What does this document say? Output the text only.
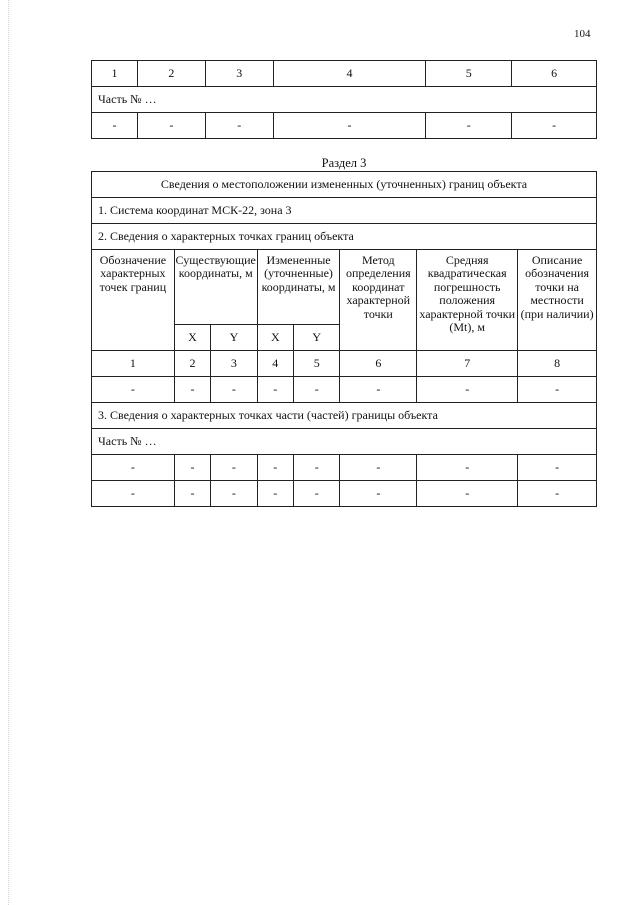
104
1	2	3	4	5	6
Часть № …					
-	-	-	-	-	-
Раздел 3
Сведения о местоположении измененных (уточненных) границ объекта							
1. Система координат МСК-22, зона 3							
2. Сведения о характерных точках границ объекта							
Обозначение характерных точек границ	Существующие координаты, м		Измененные (уточненные) координаты, м		Метод определения координат характерной точки	Средняя квадратическая погрешность положения характерной точки (Mt), м	Описание обозначения точки на местности (при наличии)
	X	Y	X	Y			
1	2	3	4	5	6	7	8
-	-	-	-	-	-	-	-
3. Сведения о характерных точках части (частей) границы объекта							
Часть № …							
-	-	-	-	-	-	-	-
-	-	-	-	-	-	-	-
